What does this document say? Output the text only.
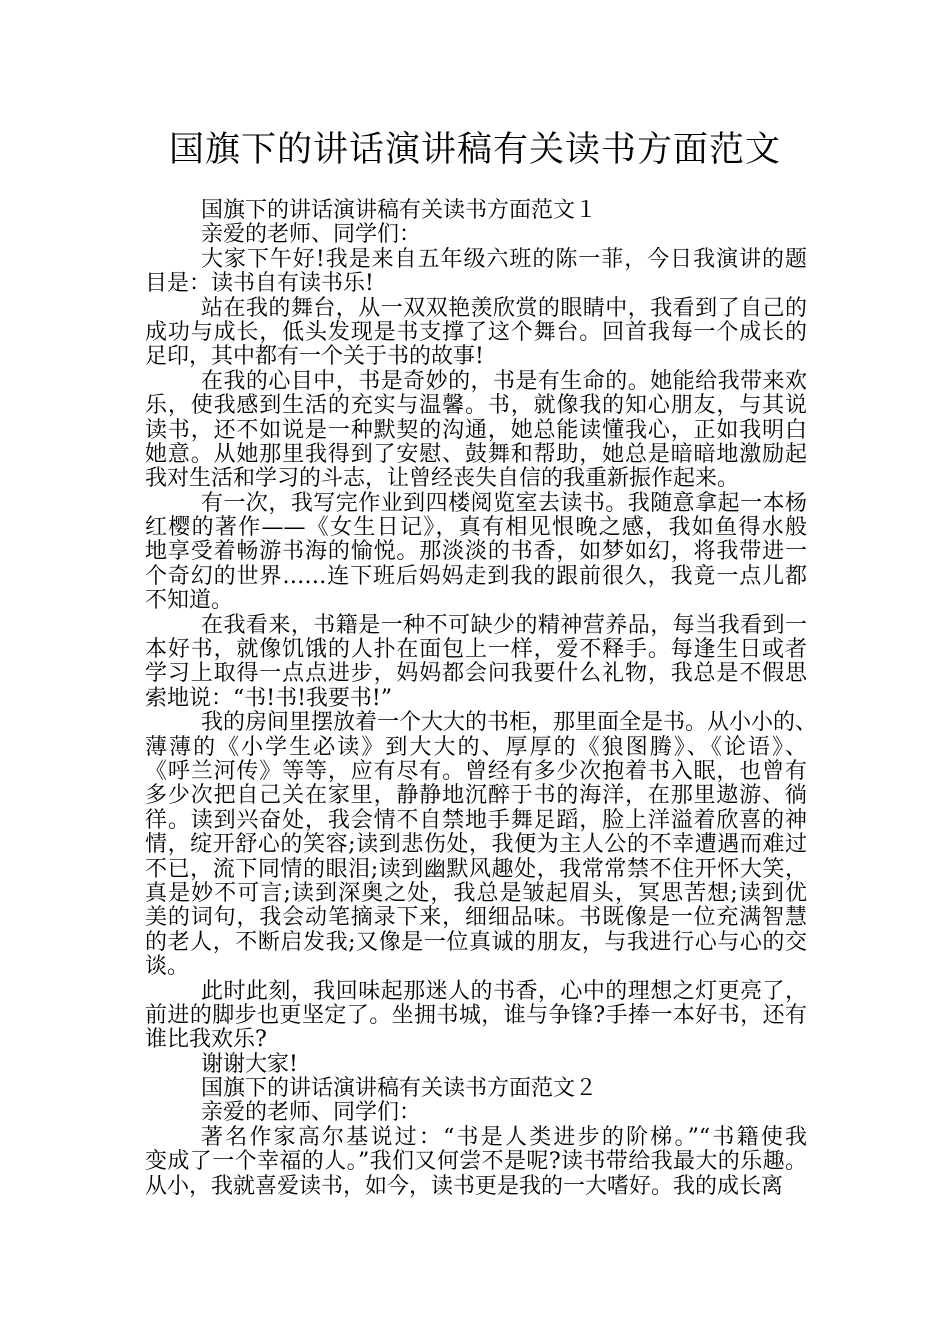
国旗下的讲话演讲稿有关读书方面范文
国旗下的讲话演讲稿有关读书方面范文１
亲爱的老师、同学们：
大家下午好!我是来自五年级六班的陈一菲，今日我演讲的题
目是：读书自有读书乐!
站在我的舞台，从一双双艳羡欣赏的眼睛中，我看到了自己的
成功与成长，低头发现是书支撑了这个舞台。回首我每一个成长的
足印，其中都有一个关于书的故事!
在我的心目中，书是奇妙的，书是有生命的。她能给我带来欢
乐，使我感到生活的充实与温馨。书，就像我的知心朋友，与其说
读书，还不如说是一种默契的沟通，她总能读懂我心，正如我明白
她意。从她那里我得到了安慰、鼓舞和帮助，她总是暗暗地激励起
我对生活和学习的斗志，让曾经丧失自信的我重新振作起来。
有一次，我写完作业到四楼阅览室去读书。我随意拿起一本杨
红樱的著作——《女生日记》，真有相见恨晚之感，我如鱼得水般
地享受着畅游书海的愉悦。那淡淡的书香，如梦如幻，将我带进一
个奇幻的世界……连下班后妈妈走到我的跟前很久，我竟一点儿都
不知道。
在我看来，书籍是一种不可缺少的精神营养品，每当我看到一
本好书，就像饥饿的人扑在面包上一样，爱不释手。每逢生日或者
学习上取得一点点进步，妈妈都会问我要什么礼物，我总是不假思
索地说：“书!书!我要书!”
我的房间里摆放着一个大大的书柜，那里面全是书。从小小的、
薄薄的《小学生必读》到大大的、厚厚的《狼图腾》、《论语》、
《呼兰河传》等等，应有尽有。曾经有多少次抱着书入眠，也曾有
多少次把自己关在家里，静静地沉醉于书的海洋，在那里遨游、徜
徉。读到兴奋处，我会情不自禁地手舞足蹈，脸上洋溢着欣喜的神
情，绽开舒心的笑容;读到悲伤处，我便为主人公的不幸遭遇而难过
不已，流下同情的眼泪;读到幽默风趣处，我常常禁不住开怀大笑，
真是妙不可言;读到深奥之处，我总是皱起眉头，冥思苦想;读到优
美的词句，我会动笔摘录下来，细细品味。书既像是一位充满智慧
的老人，不断启发我;又像是一位真诚的朋友，与我进行心与心的交
谈。
此时此刻，我回味起那迷人的书香，心中的理想之灯更亮了，
前进的脚步也更坚定了。坐拥书城，谁与争锋?手捧一本好书，还有
谁比我欢乐?
谢谢大家!
国旗下的讲话演讲稿有关读书方面范文２
亲爱的老师、同学们：
著名作家高尔基说过：“书是人类进步的阶梯。”“书籍使我
变成了一个幸福的人。”我们又何尝不是呢?读书带给我最大的乐趣。
从小，我就喜爱读书，如今，读书更是我的一大嗜好。我的成长离
